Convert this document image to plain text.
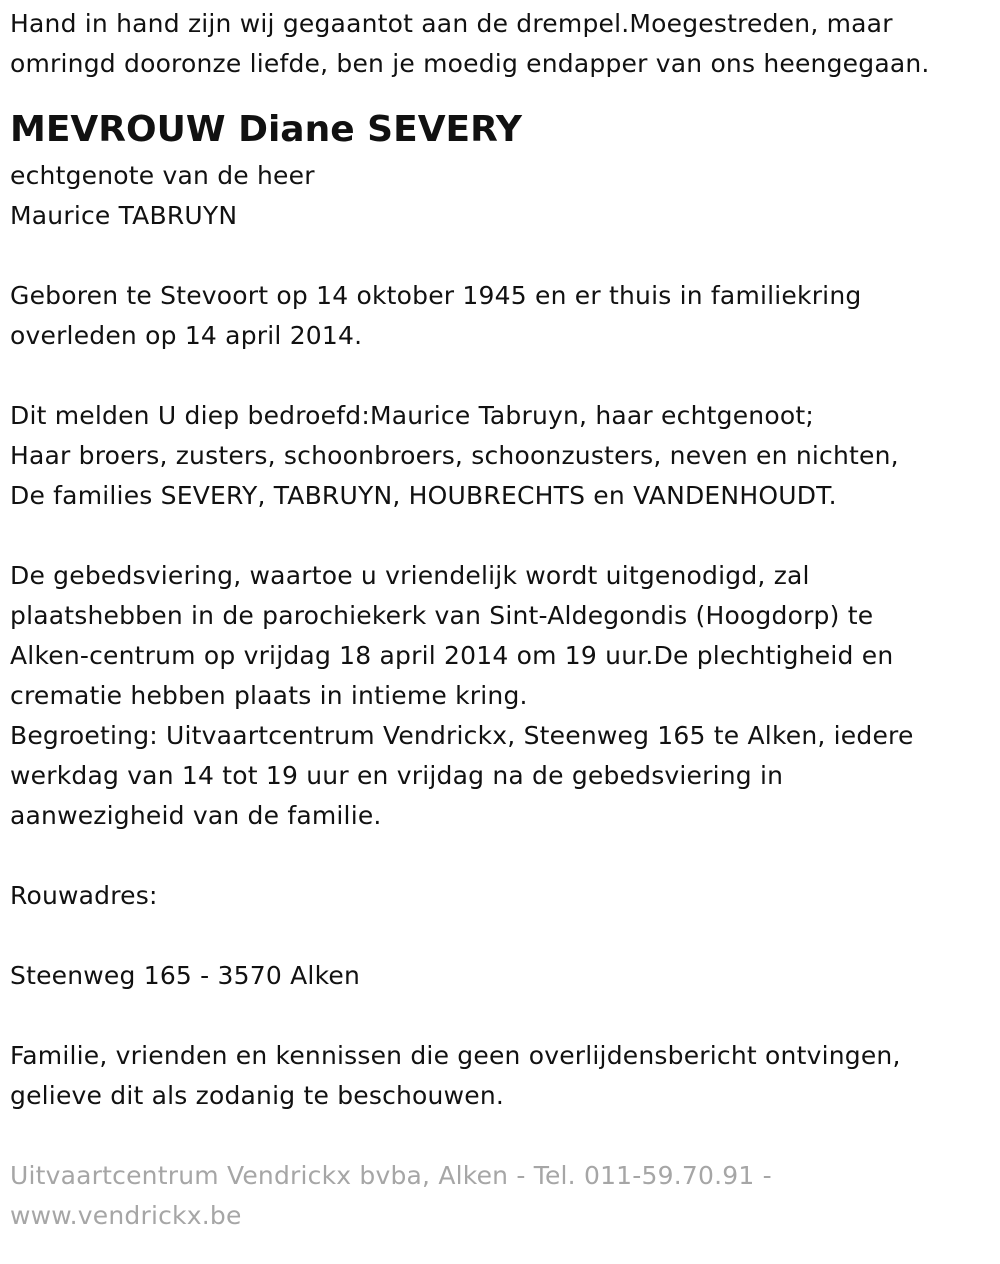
Hand in hand zijn wij gegaantot aan de drempel.Moegestreden, maar
omringd dooronze liefde, ben je moedig endapper van ons heengegaan.
MEVROUW Diane SEVERY
echtgenote van de heer
Maurice TABRUYN
Geboren te Stevoort op 14 oktober 1945 en er thuis in familiekring
overleden op 14 april 2014.
Dit melden U diep bedroefd:Maurice Tabruyn, haar echtgenoot;
Haar broers, zusters, schoonbroers, schoonzusters, neven en nichten,
De families SEVERY, TABRUYN, HOUBRECHTS en VANDENHOUDT.
De gebedsviering, waartoe u vriendelijk wordt uitgenodigd, zal
plaatshebben in de parochiekerk van Sint-Aldegondis (Hoogdorp) te
Alken-centrum op vrijdag 18 april 2014 om 19 uur.De plechtigheid en
crematie hebben plaats in intieme kring.
Begroeting: Uitvaartcentrum Vendrickx, Steenweg 165 te Alken, iedere
werkdag van 14 tot 19 uur en vrijdag na de gebedsviering in
aanwezigheid van de familie.
Rouwadres:
Steenweg 165 - 3570 Alken
Familie, vrienden en kennissen die geen overlijdensbericht ontvingen,
gelieve dit als zodanig te beschouwen.
Uitvaartcentrum Vendrickx bvba, Alken - Tel. 011-59.70.91 -
www.vendrickx.be
